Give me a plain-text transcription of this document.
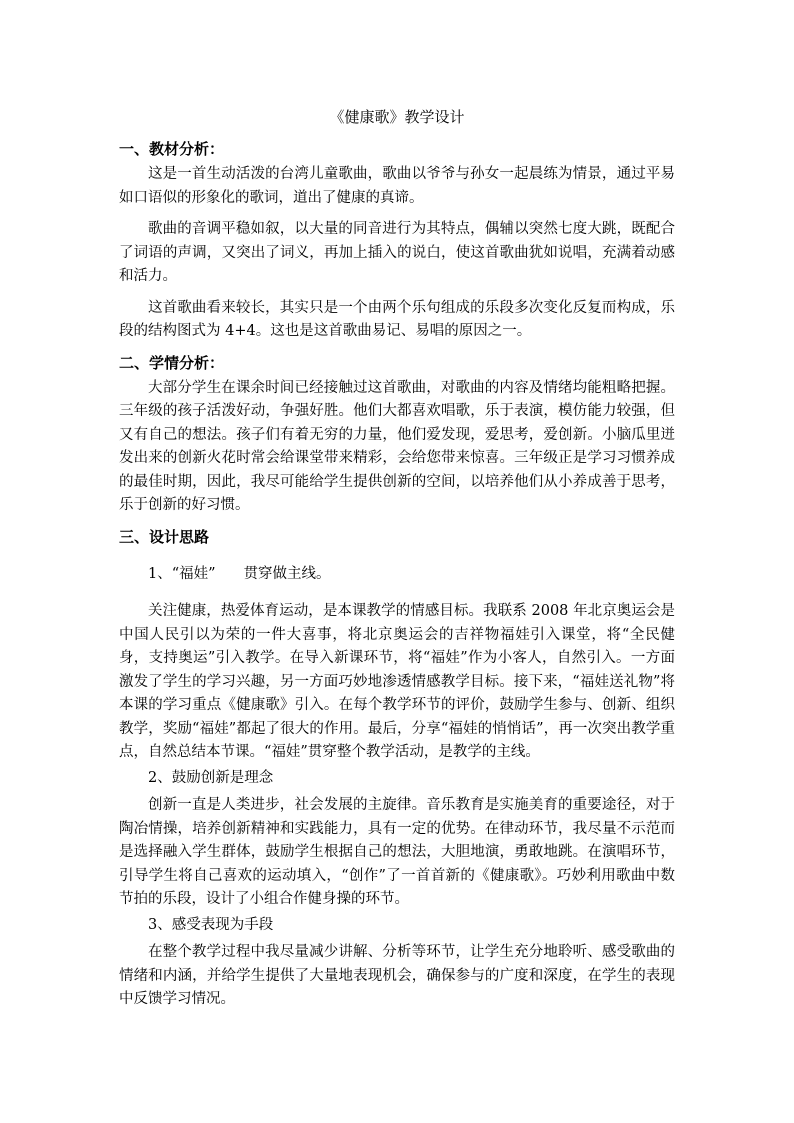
《健康歌》教学设计
一、教材分析：
这是一首生动活泼的台湾儿童歌曲，歌曲以爷爷与孙女一起晨练为情景，通过平易如口语似的形象化的歌词，道出了健康的真谛。
歌曲的音调平稳如叙，以大量的同音进行为其特点，偶辅以突然七度大跳，既配合了词语的声调，又突出了词义，再加上插入的说白，使这首歌曲犹如说唱，充满着动感和活力。
这首歌曲看来较长，其实只是一个由两个乐句组成的乐段多次变化反复而构成，乐段的结构图式为 4+4。这也是这首歌曲易记、易唱的原因之一。
二、学情分析：
大部分学生在课余时间已经接触过这首歌曲，对歌曲的内容及情绪均能粗略把握。三年级的孩子活泼好动，争强好胜。他们大都喜欢唱歌，乐于表演，模仿能力较强，但又有自己的想法。孩子们有着无穷的力量，他们爱发现，爱思考，爱创新。小脑瓜里迸发出来的创新火花时常会给课堂带来精彩，会给您带来惊喜。三年级正是学习习惯养成的最佳时期，因此，我尽可能给学生提供创新的空间，以培养他们从小养成善于思考，乐于创新的好习惯。
三、设计思路
1、“福娃” 贯穿做主线。
关注健康，热爱体育运动，是本课教学的情感目标。我联系 2008 年北京奥运会是中国人民引以为荣的一件大喜事，将北京奥运会的吉祥物福娃引入课堂，将“全民健身，支持奥运”引入教学。在导入新课环节，将“福娃”作为小客人，自然引入。一方面激发了学生的学习兴趣，另一方面巧妙地渗透情感教学目标。接下来，“福娃送礼物”将本课的学习重点《健康歌》引入。在每个教学环节的评价，鼓励学生参与、创新、组织教学，奖励“福娃”都起了很大的作用。最后，分享“福娃的悄悄话”，再一次突出教学重点，自然总结本节课。“福娃”贯穿整个教学活动，是教学的主线。
2、鼓励创新是理念
创新一直是人类进步，社会发展的主旋律。音乐教育是实施美育的重要途径，对于陶冶情操，培养创新精神和实践能力，具有一定的优势。在律动环节，我尽量不示范而是选择融入学生群体，鼓励学生根据自己的想法，大胆地演，勇敢地跳。在演唱环节，引导学生将自己喜欢的运动填入，“创作”了一首首新的《健康歌》。巧妙利用歌曲中数节拍的乐段，设计了小组合作健身操的环节。
3、感受表现为手段
在整个教学过程中我尽量减少讲解、分析等环节，让学生充分地聆听、感受歌曲的情绪和内涵，并给学生提供了大量地表现机会，确保参与的广度和深度，在学生的表现中反馈学习情况。
